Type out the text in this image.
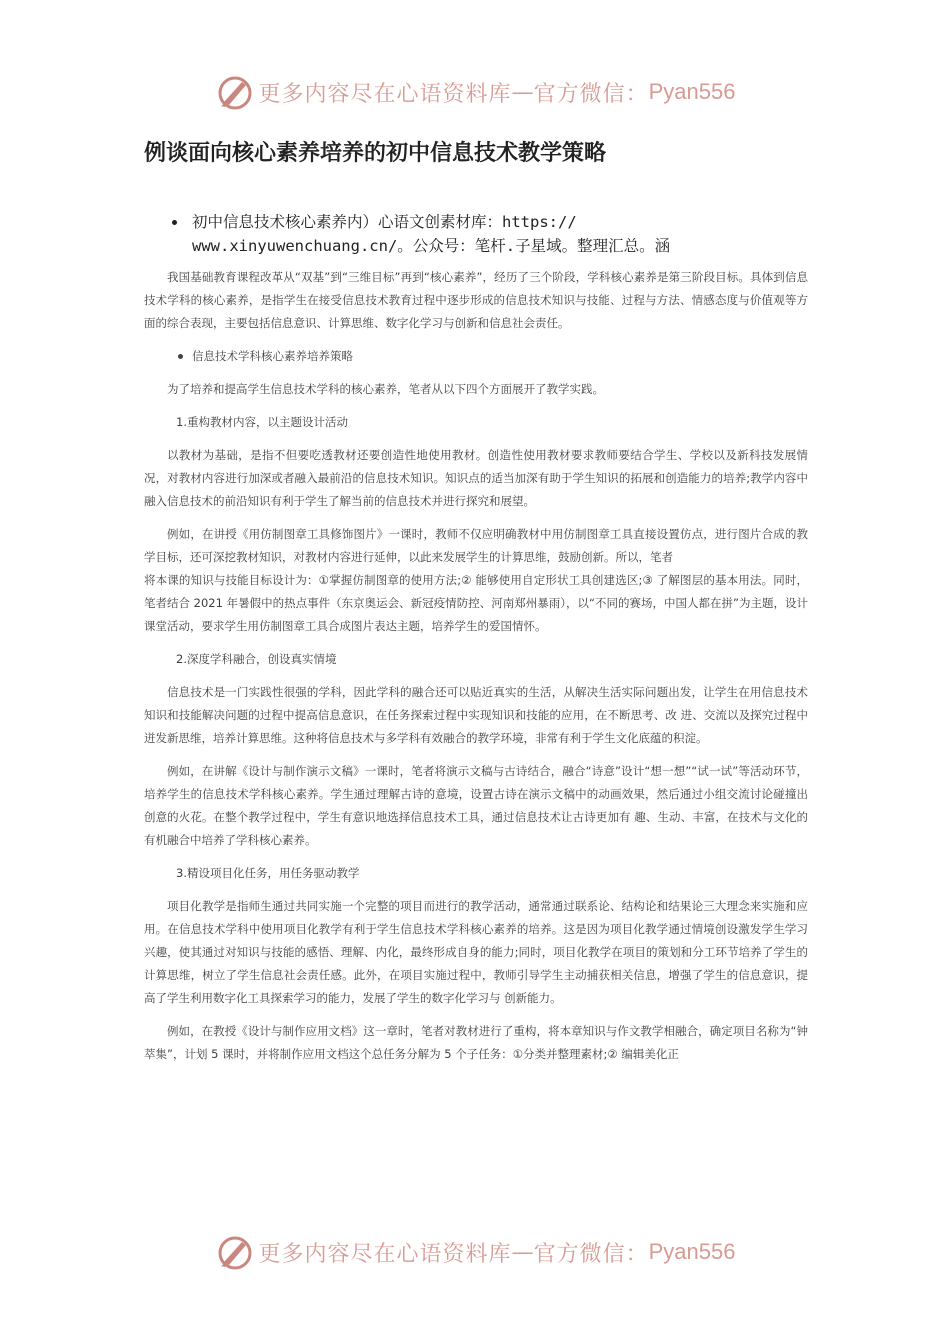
更多内容尽在心语资料库 — 官方微信： Pyan556
例谈面向核心素养培养的初中信息技术教学策略
初中信息技术核心素养内）心语文创素材库：https:// www.xinyuwenchuang.cn/。公众号：笔杆.子星域。整理汇总。涵

我国基础教育课程改革从“双基”到“三维目标”再到“核心素养”，经历了三个阶段，学科核心素养是第三阶段目标。具体到信息技术学科的核心素养，是指学生在接受信息技术教育过程中逐步形成的信息技术知识与技能、过程与方法、情感态度与价值观等方面的综合表现，主要包括信息意识、计算思维、数字化学习与创新和信息社会责任。

信息技术学科核心素养培养策略

为了培养和提高学生信息技术学科的核心素养，笔者从以下四个方面展开了教学实践。

1.重构教材内容，以主题设计活动

以教材为基础，是指不但要吃透教材还要创造性地使用教材。创造性使用教材要求教师要结合学生、学校以及新科技发展情况，对教材内容进行加深或者融入最前沿的信息技术知识。知识点的适当加深有助于学生知识的拓展和创造能力的培养;教学内容中融入信息技术的前沿知识有利于学生了解当前的信息技术并进行探究和展望。

例如，在讲授《用仿制图章工具修饰图片》一课时，教师不仅应明确教材中用仿制图章工具直接设置仿点，进行图片合成的教学目标，还可深挖教材知识，对教材内容进行延伸，以此来发展学生的计算思维，鼓励创新。所以，笔者

将本课的知识与技能目标设计为：①掌握仿制图章的使用方法;② 能够使用自定形状工具创建选区;③ 了解图层的基本用法。同时，笔者结合 2021 年暑假中的热点事件（东京奥运会、新冠疫情防控、河南郑州暴雨），以“不同的赛场，中国人都在拼”为主题，设计课堂活动，要求学生用仿制图章工具合成图片表达主题，培养学生的爱国情怀。

2.深度学科融合，创设真实情境

信息技术是一门实践性很强的学科，因此学科的融合还可以贴近真实的生活，从解决生活实际问题出发，让学生在用信息技术知识和技能解决问题的过程中提高信息意识，在任务探索过程中实现知识和技能的应用，在不断思考、改 进、交流以及探究过程中迸发新思维，培养计算思维。这种将信息技术与多学科有效融合的教学环境，非常有利于学生文化底蕴的积淀。

例如，在讲解《设计与制作演示文稿》一课时，笔者将演示文稿与古诗结合，融合“诗意”设计“想一想”“试一试”等活动环节，培养学生的信息技术学科核心素养。学生通过理解古诗的意境，设置古诗在演示文稿中的动画效果，然后通过小组交流讨论碰撞出创意的火花。在整个教学过程中，学生有意识地选择信息技术工具，通过信息技术让古诗更加有 趣、生动、丰富，在技术与文化的有机融合中培养了学科核心素养。

3.精设项目化任务，用任务驱动教学

项目化教学是指师生通过共同实施一个完整的项目而进行的教学活动，通常通过联系论、结构论和结果论三大理念来实施和应用。在信息技术学科中使用项目化教学有利于学生信息技术学科核心素养的培养。这是因为项目化教学通过情境创设激发学生学习兴趣，使其通过对知识与技能的感悟、理解、内化，最终形成自身的能力;同时，项目化教学在项目的策划和分工环节培养了学生的计算思维，树立了学生信息社会责任感。此外，在项目实施过程中，教师引导学生主动捕获相关信息，增强了学生的信息意识，提高了学生利用数字化工具探索学习的能力，发展了学生的数字化学习与 创新能力。

例如，在教授《设计与制作应用文档》这一章时，笔者对教材进行了重构，将本章知识与作文教学相融合，确定项目名称为“钟萃集”，计划 5 课时，并将制作应用文档这个总任务分解为 5 个子任务：①分类并整理素材;② 编辑美化正

更多内容尽在心语资料库 — 官方微信： Pyan556
